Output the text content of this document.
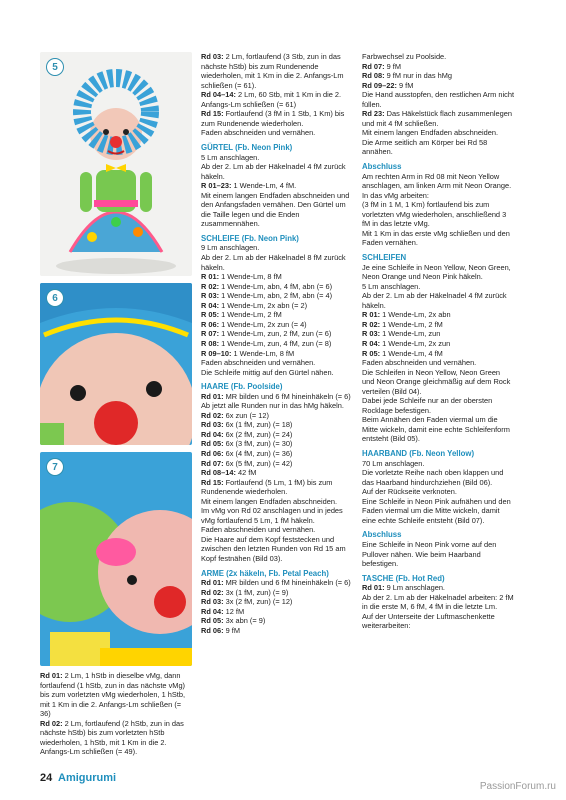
5
6
7

Rd 01: 2 Lm, 1 hStb in dieselbe vMg, dann fortlaufend (1 hStb, zun in das nächste vMg) bis zum vorletzten vMg wiederholen, 1 hStb, mit 1 Km in die 2. Anfangs-Lm schließen (= 36)

Rd 02: 2 Lm, fortlaufend (2 hStb, zun in das nächste hStb) bis zum vorletzten hStb wiederholen, 1 hStb, mit 1 Km in die 2. Anfangs-Lm schließen (= 49).

Rd 03: 2 Lm, fortlaufend (3 Stb, zun in das nächste hStb) bis zum Rundenende wiederholen, mit 1 Km in die 2. Anfangs-Lm schließen (= 61).

Rd 04–14: 2 Lm, 60 Stb, mit 1 Km in die 2. Anfangs-Lm schließen (= 61)

Rd 15: Fortlaufend (3 fM in 1 Stb, 1 Km) bis zum Rundenende wiederholen.

Faden abschneiden und vernähen.

GÜRTEL (Fb. Neon Pink)

5 Lm anschlagen.

Ab der 2. Lm ab der Häkelnadel 4 fM zurück häkeln.

R 01–23: 1 Wende-Lm, 4 fM.

Mit einem langen Endfaden abschneiden und den Anfangsfaden vernähen. Den Gürtel um die Taille legen und die Enden zusammennähen.

SCHLEIFE (Fb. Neon Pink)

9 Lm anschlagen.

Ab der 2. Lm ab der Häkelnadel 8 fM zurück häkeln.

R 01: 1 Wende-Lm, 8 fM

R 02: 1 Wende-Lm, abn, 4 fM, abn (= 6)

R 03: 1 Wende-Lm, abn, 2 fM, abn (= 4)

R 04: 1 Wende-Lm, 2x abn (= 2)

R 05: 1 Wende-Lm, 2 fM

R 06: 1 Wende-Lm, 2x zun (= 4)

R 07: 1 Wende-Lm, zun, 2 fM, zun (= 6)

R 08: 1 Wende-Lm, zun, 4 fM, zun (= 8)

R 09–10: 1 Wende-Lm, 8 fM

Faden abschneiden und vernähen.

Die Schleife mittig auf den Gürtel nähen.

HAARE (Fb. Poolside)

Rd 01: MR bilden und 6 fM hineinhäkeln (= 6)

Ab jetzt alle Runden nur in das hMg häkeln.

Rd 02: 6x zun (= 12)

Rd 03: 6x (1 fM, zun) (= 18)

Rd 04: 6x (2 fM, zun) (= 24)

Rd 05: 6x (3 fM, zun) (= 30)

Rd 06: 6x (4 fM, zun) (= 36)

Rd 07: 6x (5 fM, zun) (= 42)

Rd 08–14: 42 fM

Rd 15: Fortlaufend (5 Lm, 1 fM) bis zum Rundenende wiederholen.

Mit einem langen Endfaden abschneiden.

Im vMg von Rd 02 anschlagen und in jedes vMg fortlaufend 5 Lm, 1 fM häkeln.

Faden abschneiden und vernähen.

Die Haare auf dem Kopf feststecken und zwischen den letzten Runden von Rd 15 am Kopf festnähen (Bild 03).

ARME (2x häkeln, Fb. Petal Peach)

Rd 01: MR bilden und 6 fM hineinhäkeln (= 6)

Rd 02: 3x (1 fM, zun) (= 9)

Rd 03: 3x (2 fM, zun) (= 12)

Rd 04: 12 fM

Rd 05: 3x abn (= 9)

Rd 06: 9 fM

Farbwechsel zu Poolside.

Rd 07: 9 fM

Rd 08: 9 fM nur in das hMg

Rd 09–22: 9 fM

Die Hand ausstopfen, den restlichen Arm nicht füllen.

Rd 23: Das Häkelstück flach zusammenlegen und mit 4 fM schließen.

Mit einem langen Endfaden abschneiden.

Die Arme seitlich am Körper bei Rd 58 annähen.

Abschluss

Am rechten Arm in Rd 08 mit Neon Yellow anschlagen, am linken Arm mit Neon Orange.

In das vMg arbeiten:

(3 fM in 1 M, 1 Km) fortlaufend bis zum vorletzten vMg wiederholen, anschließend 3 fM in das letzte vMg.

Mit 1 Km in das erste vMg schließen und den Faden vernähen.

SCHLEIFEN

Je eine Schleife in Neon Yellow, Neon Green, Neon Orange und Neon Pink häkeln.

5 Lm anschlagen.

Ab der 2. Lm ab der Häkelnadel 4 fM zurück häkeln.

R 01: 1 Wende-Lm, 2x abn

R 02: 1 Wende-Lm, 2 fM

R 03: 1 Wende-Lm, zun

R 04: 1 Wende-Lm, 2x zun

R 05: 1 Wende-Lm, 4 fM

Faden abschneiden und vernähen.

Die Schleifen in Neon Yellow, Neon Green und Neon Orange gleichmäßig auf dem Rock verteilen (Bild 04).

Dabei jede Schleife nur an der obersten Rocklage befestigen.

Beim Annähen den Faden viermal um die Mitte wickeln, damit eine echte Schleifenform entsteht (Bild 05).

HAARBAND (Fb. Neon Yellow)

70 Lm anschlagen.

Die vorletzte Reihe nach oben klappen und das Haarband hindurchziehen (Bild 06).

Auf der Rückseite verknoten.

Eine Schleife in Neon Pink aufnähen und den Faden viermal um die Mitte wickeln, damit eine echte Schleife entsteht (Bild 07).

Abschluss

Eine Schleife in Neon Pink vorne auf den Pullover nähen. Wie beim Haarband befestigen.

TASCHE (Fb. Hot Red)

Rd 01: 9 Lm anschlagen.

Ab der 2. Lm ab der Häkelnadel arbeiten: 2 fM in die erste M, 6 fM, 4 fM in die letzte Lm.

Auf der Unterseite der Luftmaschenkette weiterarbeiten:

24 Amigurumi
PassionForum.ru
